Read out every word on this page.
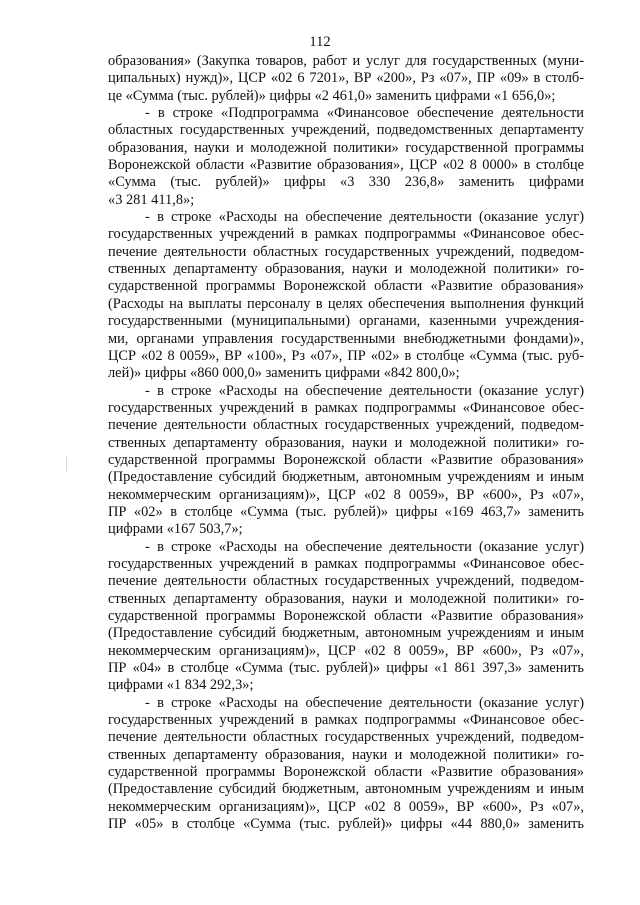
112
образования» (Закупка товаров, работ и услуг для государственных (муни-
ципальных) нужд)», ЦСР «02 6 7201», ВР «200», Рз «07», ПР «09» в столб-
це «Сумма (тыс. рублей)» цифры «2 461,0» заменить цифрами «1 656,0»;
- в строке «Подпрограмма «Финансовое обеспечение деятельности
областных государственных учреждений, подведомственных департаменту
образования, науки и молодежной политики» государственной программы
Воронежской области «Развитие образования», ЦСР «02 8 0000» в столбце
«Сумма (тыс. рублей)» цифры «3 330 236,8» заменить цифрами
«3 281 411,8»;
- в строке «Расходы на обеспечение деятельности (оказание услуг)
государственных учреждений в рамках подпрограммы «Финансовое обес-
печение деятельности областных государственных учреждений, подведом-
ственных департаменту образования, науки и молодежной политики» го-
сударственной программы Воронежской области «Развитие образования»
(Расходы на выплаты персоналу в целях обеспечения выполнения функций
государственными (муниципальными) органами, казенными учреждения-
ми, органами управления государственными внебюджетными фондами)»,
ЦСР «02 8 0059», ВР «100», Рз «07», ПР «02» в столбце «Сумма (тыс. руб-
лей)» цифры «860 000,0» заменить цифрами «842 800,0»;
- в строке «Расходы на обеспечение деятельности (оказание услуг)
государственных учреждений в рамках подпрограммы «Финансовое обес-
печение деятельности областных государственных учреждений, подведом-
ственных департаменту образования, науки и молодежной политики» го-
сударственной программы Воронежской области «Развитие образования»
(Предоставление субсидий бюджетным, автономным учреждениям и иным
некоммерческим организациям)», ЦСР «02 8 0059», ВР «600», Рз «07»,
ПР «02» в столбце «Сумма (тыс. рублей)» цифры «169 463,7» заменить
цифрами «167 503,7»;
- в строке «Расходы на обеспечение деятельности (оказание услуг)
государственных учреждений в рамках подпрограммы «Финансовое обес-
печение деятельности областных государственных учреждений, подведом-
ственных департаменту образования, науки и молодежной политики» го-
сударственной программы Воронежской области «Развитие образования»
(Предоставление субсидий бюджетным, автономным учреждениям и иным
некоммерческим организациям)», ЦСР «02 8 0059», ВР «600», Рз «07»,
ПР «04» в столбце «Сумма (тыс. рублей)» цифры «1 861 397,3» заменить
цифрами «1 834 292,3»;
- в строке «Расходы на обеспечение деятельности (оказание услуг)
государственных учреждений в рамках подпрограммы «Финансовое обес-
печение деятельности областных государственных учреждений, подведом-
ственных департаменту образования, науки и молодежной политики» го-
сударственной программы Воронежской области «Развитие образования»
(Предоставление субсидий бюджетным, автономным учреждениям и иным
некоммерческим организациям)», ЦСР «02 8 0059», ВР «600», Рз «07»,
ПР «05» в столбце «Сумма (тыс. рублей)» цифры «44 880,0» заменить
